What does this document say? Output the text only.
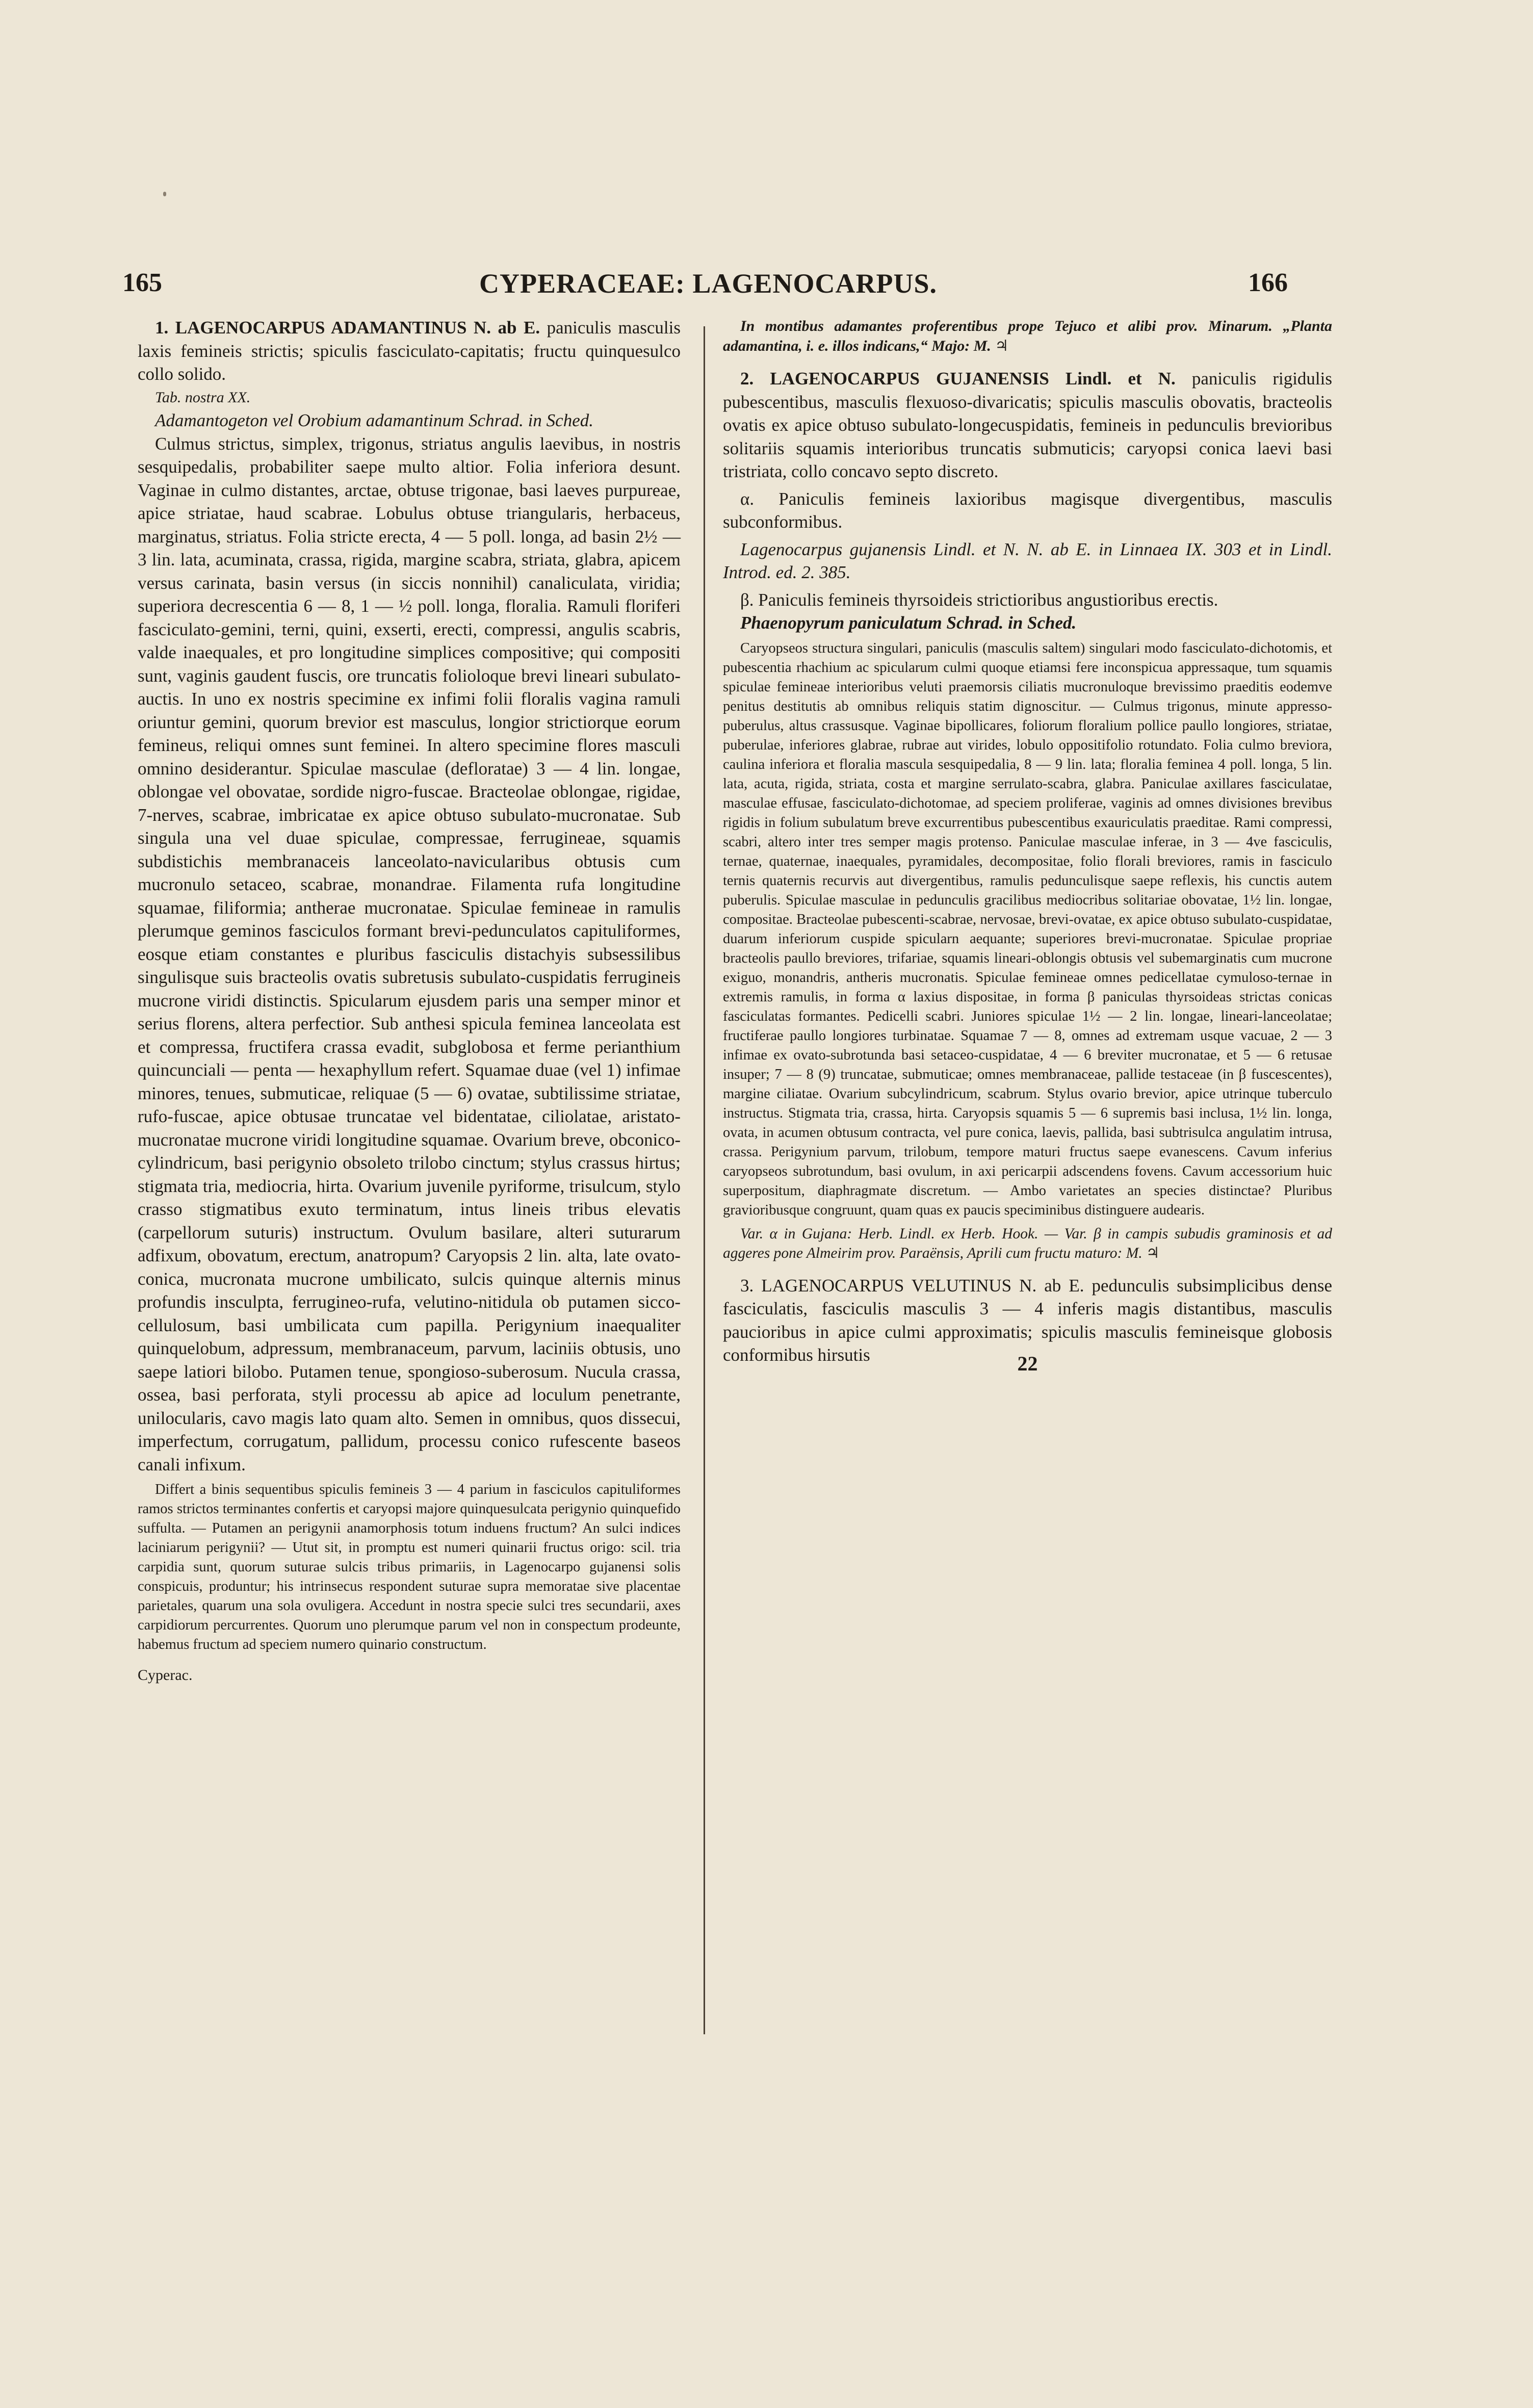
165	CYPERACEAE: LAGENOCARPUS.	166

1. LAGENOCARPUS ADAMANTINUS N. ab E. paniculis masculis laxis femineis strictis; spiculis fasciculato-capitatis; fructu quinquesulco collo solido.

Tab. nostra XX.

Adamantogeton vel Orobium adamantinum Schrad. in Sched.

Culmus strictus, simplex, trigonus, striatus angulis laevibus, in nostris sesquipedalis, probabiliter saepe multo altior. Folia inferiora desunt. Vaginae in culmo distantes, arctae, obtuse trigonae, basi laeves purpureae, apice striatae, haud scabrae. Lobulus obtuse triangularis, herbaceus, marginatus, striatus. Folia stricte erecta, 4 — 5 poll. longa, ad basin 2½ — 3 lin. lata, acuminata, crassa, rigida, margine scabra, striata, glabra, apicem versus carinata, basin versus (in siccis nonnihil) canaliculata, viridia; superiora decrescentia 6 — 8, 1 — ½ poll. longa, floralia. Ramuli floriferi fasciculato-gemini, terni, quini, exserti, erecti, compressi, angulis scabris, valde inaequales, et pro longitudine simplices compositive; qui compositi sunt, vaginis gaudent fuscis, ore truncatis folioloque brevi lineari subulato-auctis. In uno ex nostris specimine ex infimi folii floralis vagina ramuli oriuntur gemini, quorum brevior est masculus, longior strictiorque eorum femineus, reliqui omnes sunt feminei. In altero specimine flores masculi omnino desiderantur. Spiculae masculae (defloratae) 3 — 4 lin. longae, oblongae vel obovatae, sordide nigro-fuscae. Bracteolae oblongae, rigidae, 7-nerves, scabrae, imbricatae ex apice obtuso subulato-mucronatae. Sub singula una vel duae spiculae, compressae, ferrugineae, squamis subdistichis membranaceis lanceolato-navicularibus obtusis cum mucronulo setaceo, scabrae, monandrae. Filamenta rufa longitudine squamae, filiformia; antherae mucronatae. Spiculae femineae in ramulis plerumque geminos fasciculos formant brevi-pedunculatos capituliformes, eosque etiam constantes e pluribus fasciculis distachyis subsessilibus singulisque suis bracteolis ovatis subretusis subulato-cuspidatis ferrugineis mucrone viridi distinctis. Spicularum ejusdem paris una semper minor et serius florens, altera perfectior. Sub anthesi spicula feminea lanceolata est et compressa, fructifera crassa evadit, subglobosa et ferme perianthium quincunciali — penta — hexaphyllum refert. Squamae duae (vel 1) infimae minores, tenues, submuticae, reliquae (5 — 6) ovatae, subtilissime striatae, rufo-fuscae, apice obtusae truncatae vel bidentatae, ciliolatae, aristato-mucronatae mucrone viridi longitudine squamae. Ovarium breve, obconico-cylindricum, basi perigynio obsoleto trilobo cinctum; stylus crassus hirtus; stigmata tria, mediocria, hirta. Ovarium juvenile pyriforme, trisulcum, stylo crasso stigmatibus exuto terminatum, intus lineis tribus elevatis (carpellorum suturis) instructum. Ovulum basilare, alteri suturarum adfixum, obovatum, erectum, anatropum? Caryopsis 2 lin. alta, late ovato-conica, mucronata mucrone umbilicato, sulcis quinque alternis minus profundis insculpta, ferrugineo-rufa, velutino-nitidula ob putamen sicco-cellulosum, basi umbilicata cum papilla. Perigynium inaequaliter quinquelobum, adpressum, membranaceum, parvum, laciniis obtusis, uno saepe latiori bilobo. Putamen tenue, spongioso-suberosum. Nucula crassa, ossea, basi perforata, styli processu ab apice ad loculum penetrante, unilocularis, cavo magis lato quam alto. Semen in omnibus, quos dissecui, imperfectum, corrugatum, pallidum, processu conico rufescente baseos canali infixum.

Differt a binis sequentibus spiculis femineis 3 — 4 parium in fasciculos capituliformes ramos strictos terminantes confertis et caryopsi majore quinquesulcata perigynio quinquefido suffulta. — Putamen an perigynii anamorphosis totum induens fructum? An sulci indices laciniarum perigynii? — Utut sit, in promptu est numeri quinarii fructus origo: scil. tria carpidia sunt, quorum suturae sulcis tribus primariis, in Lagenocarpo gujanensi solis conspicuis, produntur; his intrinsecus respondent suturae supra memoratae sive placentae parietales, quarum una sola ovuligera. Accedunt in nostra specie sulci tres secundarii, axes carpidiorum percurrentes. Quorum uno plerumque parum vel non in conspectum prodeunte, habemus fructum ad speciem numero quinario constructum.

Cyperac.

In montibus adamantes proferentibus prope Tejuco et alibi prov. Minarum. „Planta adamantina, i. e. illos indicans,“ Majo: M. ♃

2. LAGENOCARPUS GUJANENSIS Lindl. et N. paniculis rigidulis pubescentibus, masculis flexuoso-divaricatis; spiculis masculis obovatis, bracteolis ovatis ex apice obtuso subulato-longecuspidatis, femineis in pedunculis brevioribus solitariis squamis interioribus truncatis submuticis; caryopsi conica laevi basi tristriata, collo concavo septo discreto.

α. Paniculis femineis laxioribus magisque divergentibus, masculis subconformibus.

Lagenocarpus gujanensis Lindl. et N. N. ab E. in Linnaea IX. 303 et in Lindl. Introd. ed. 2. 385.

β. Paniculis femineis thyrsoideis strictioribus angustioribus erectis.

Phaenopyrum paniculatum Schrad. in Sched.

Caryopseos structura singulari, paniculis (masculis saltem) singulari modo fasciculato-dichotomis, et pubescentia rhachium ac spicularum culmi quoque etiamsi fere inconspicua appressaque, tum squamis spiculae femineae interioribus veluti praemorsis ciliatis mucronuloque brevissimo praeditis eodemve penitus destitutis ab omnibus reliquis statim dignoscitur. — Culmus trigonus, minute appresso-puberulus, altus crassusque. Vaginae bipollicares, foliorum floralium pollice paullo longiores, striatae, puberulae, inferiores glabrae, rubrae aut virides, lobulo oppositifolio rotundato. Folia culmo breviora, caulina inferiora et floralia mascula sesquipedalia, 8 — 9 lin. lata; floralia feminea 4 poll. longa, 5 lin. lata, acuta, rigida, striata, costa et margine serrulato-scabra, glabra. Paniculae axillares fasciculatae, masculae effusae, fasciculato-dichotomae, ad speciem proliferae, vaginis ad omnes divisiones brevibus rigidis in folium subulatum breve excurrentibus pubescentibus exauriculatis praeditae. Rami compressi, scabri, altero inter tres semper magis protenso. Paniculae masculae inferae, in 3 — 4ve fasciculis, ternae, quaternae, inaequales, pyramidales, decompositae, folio florali breviores, ramis in fasciculo ternis quaternis recurvis aut divergentibus, ramulis pedunculisque saepe reflexis, his cunctis autem puberulis. Spiculae masculae in pedunculis gracilibus mediocribus solitariae obovatae, 1½ lin. longae, compositae. Bracteolae pubescenti-scabrae, nervosae, brevi-ovatae, ex apice obtuso subulato-cuspidatae, duarum inferiorum cuspide spicularn aequante; superiores brevi-mucronatae. Spiculae propriae bracteolis paullo breviores, trifariae, squamis lineari-oblongis obtusis vel subemarginatis cum mucrone exiguo, monandris, antheris mucronatis. Spiculae femineae omnes pedicellatae cymuloso-ternae in extremis ramulis, in forma α laxius dispositae, in forma β paniculas thyrsoideas strictas conicas fasciculatas formantes. Pedicelli scabri. Juniores spiculae 1½ — 2 lin. longae, lineari-lanceolatae; fructiferae paullo longiores turbinatae. Squamae 7 — 8, omnes ad extremam usque vacuae, 2 — 3 infimae ex ovato-subrotunda basi setaceo-cuspidatae, 4 — 6 breviter mucronatae, et 5 — 6 retusae insuper; 7 — 8 (9) truncatae, submuticae; omnes membranaceae, pallide testaceae (in β fuscescentes), margine ciliatae. Ovarium subcylindricum, scabrum. Stylus ovario brevior, apice utrinque tuberculo instructus. Stigmata tria, crassa, hirta. Caryopsis squamis 5 — 6 supremis basi inclusa, 1½ lin. longa, ovata, in acumen obtusum contracta, vel pure conica, laevis, pallida, basi subtrisulca angulatim intrusa, crassa. Perigynium parvum, trilobum, tempore maturi fructus saepe evanescens. Cavum inferius caryopseos subrotundum, basi ovulum, in axi pericarpii adscendens fovens. Cavum accessorium huic superpositum, diaphragmate discretum. — Ambo varietates an species distinctae? Pluribus gravioribusque congruunt, quam quas ex paucis speciminibus distinguere audearis.

Var. α in Gujana: Herb. Lindl. ex Herb. Hook. — Var. β in campis subudis graminosis et ad aggeres pone Almeirim prov. Paraënsis, Aprili cum fructu maturo: M. ♃

3. LAGENOCARPUS VELUTINUS N. ab E. pedunculis subsimplicibus dense fasciculatis, fasciculis masculis 3 — 4 inferis magis distantibus, masculis paucioribus in apice culmi approximatis; spiculis masculis femineisque globosis conformibus hirsutis	22
